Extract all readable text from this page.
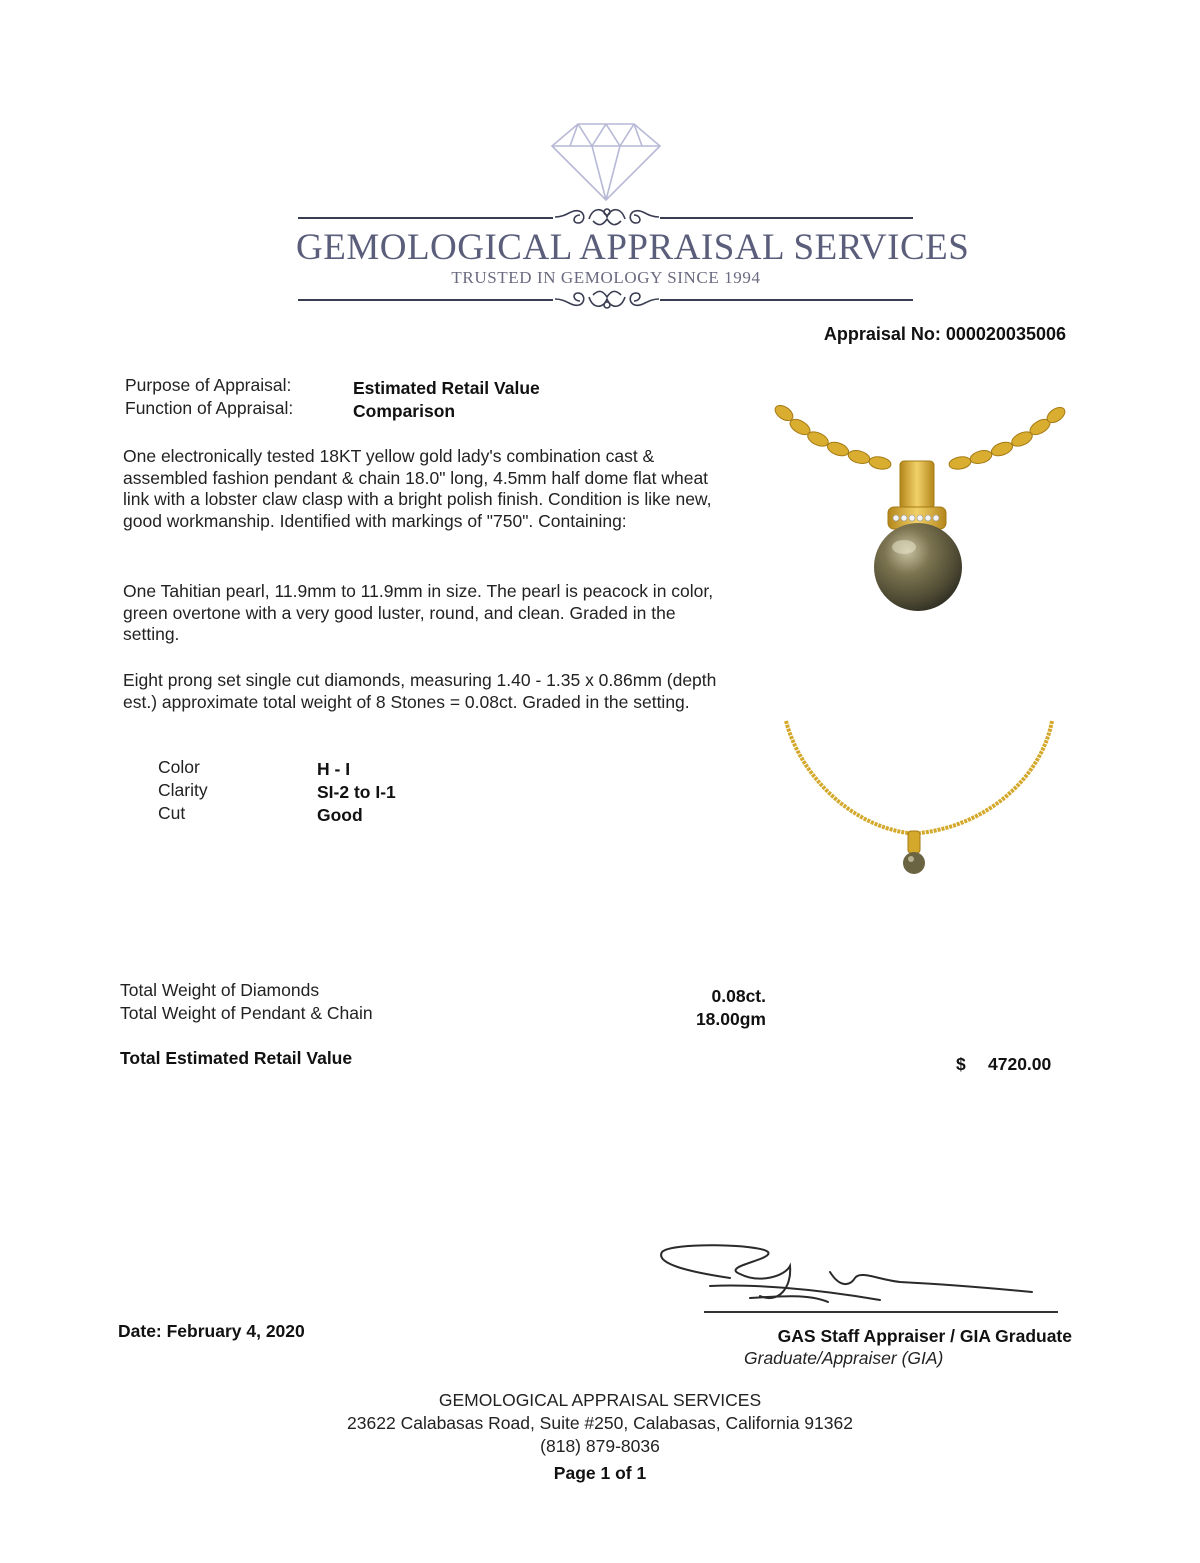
GEMOLOGICAL APPRAISAL SERVICES
TRUSTED IN GEMOLOGY SINCE 1994
Appraisal No: 000020035006
Purpose of Appraisal:	Estimated Retail Value
Function of Appraisal:	Comparison
One electronically tested 18KT yellow gold lady's combination cast & assembled fashion pendant & chain 18.0" long, 4.5mm half dome flat wheat link with a lobster claw clasp with a bright polish finish. Condition is like new, good workmanship. Identified with markings of "750". Containing:
One Tahitian pearl, 11.9mm to 11.9mm in size. The pearl is peacock in color, green overtone with a very good luster, round, and clean. Graded in the setting.
Eight prong set single cut diamonds, measuring 1.40 - 1.35 x 0.86mm (depth est.) approximate total weight of 8 Stones = 0.08ct. Graded in the setting.
Color	H - I
Clarity	SI-2 to I-1
Cut	Good
Total Weight of Diamonds	0.08ct.
Total Weight of Pendant & Chain	18.00gm
Total Estimated Retail Value	$ 4720.00
Date: February 4, 2020	GAS Staff Appraiser / GIA Graduate
Graduate/Appraiser (GIA)
GEMOLOGICAL APPRAISAL SERVICES
23622 Calabasas Road, Suite #250, Calabasas, California 91362
(818) 879-8036
Page 1 of 1
